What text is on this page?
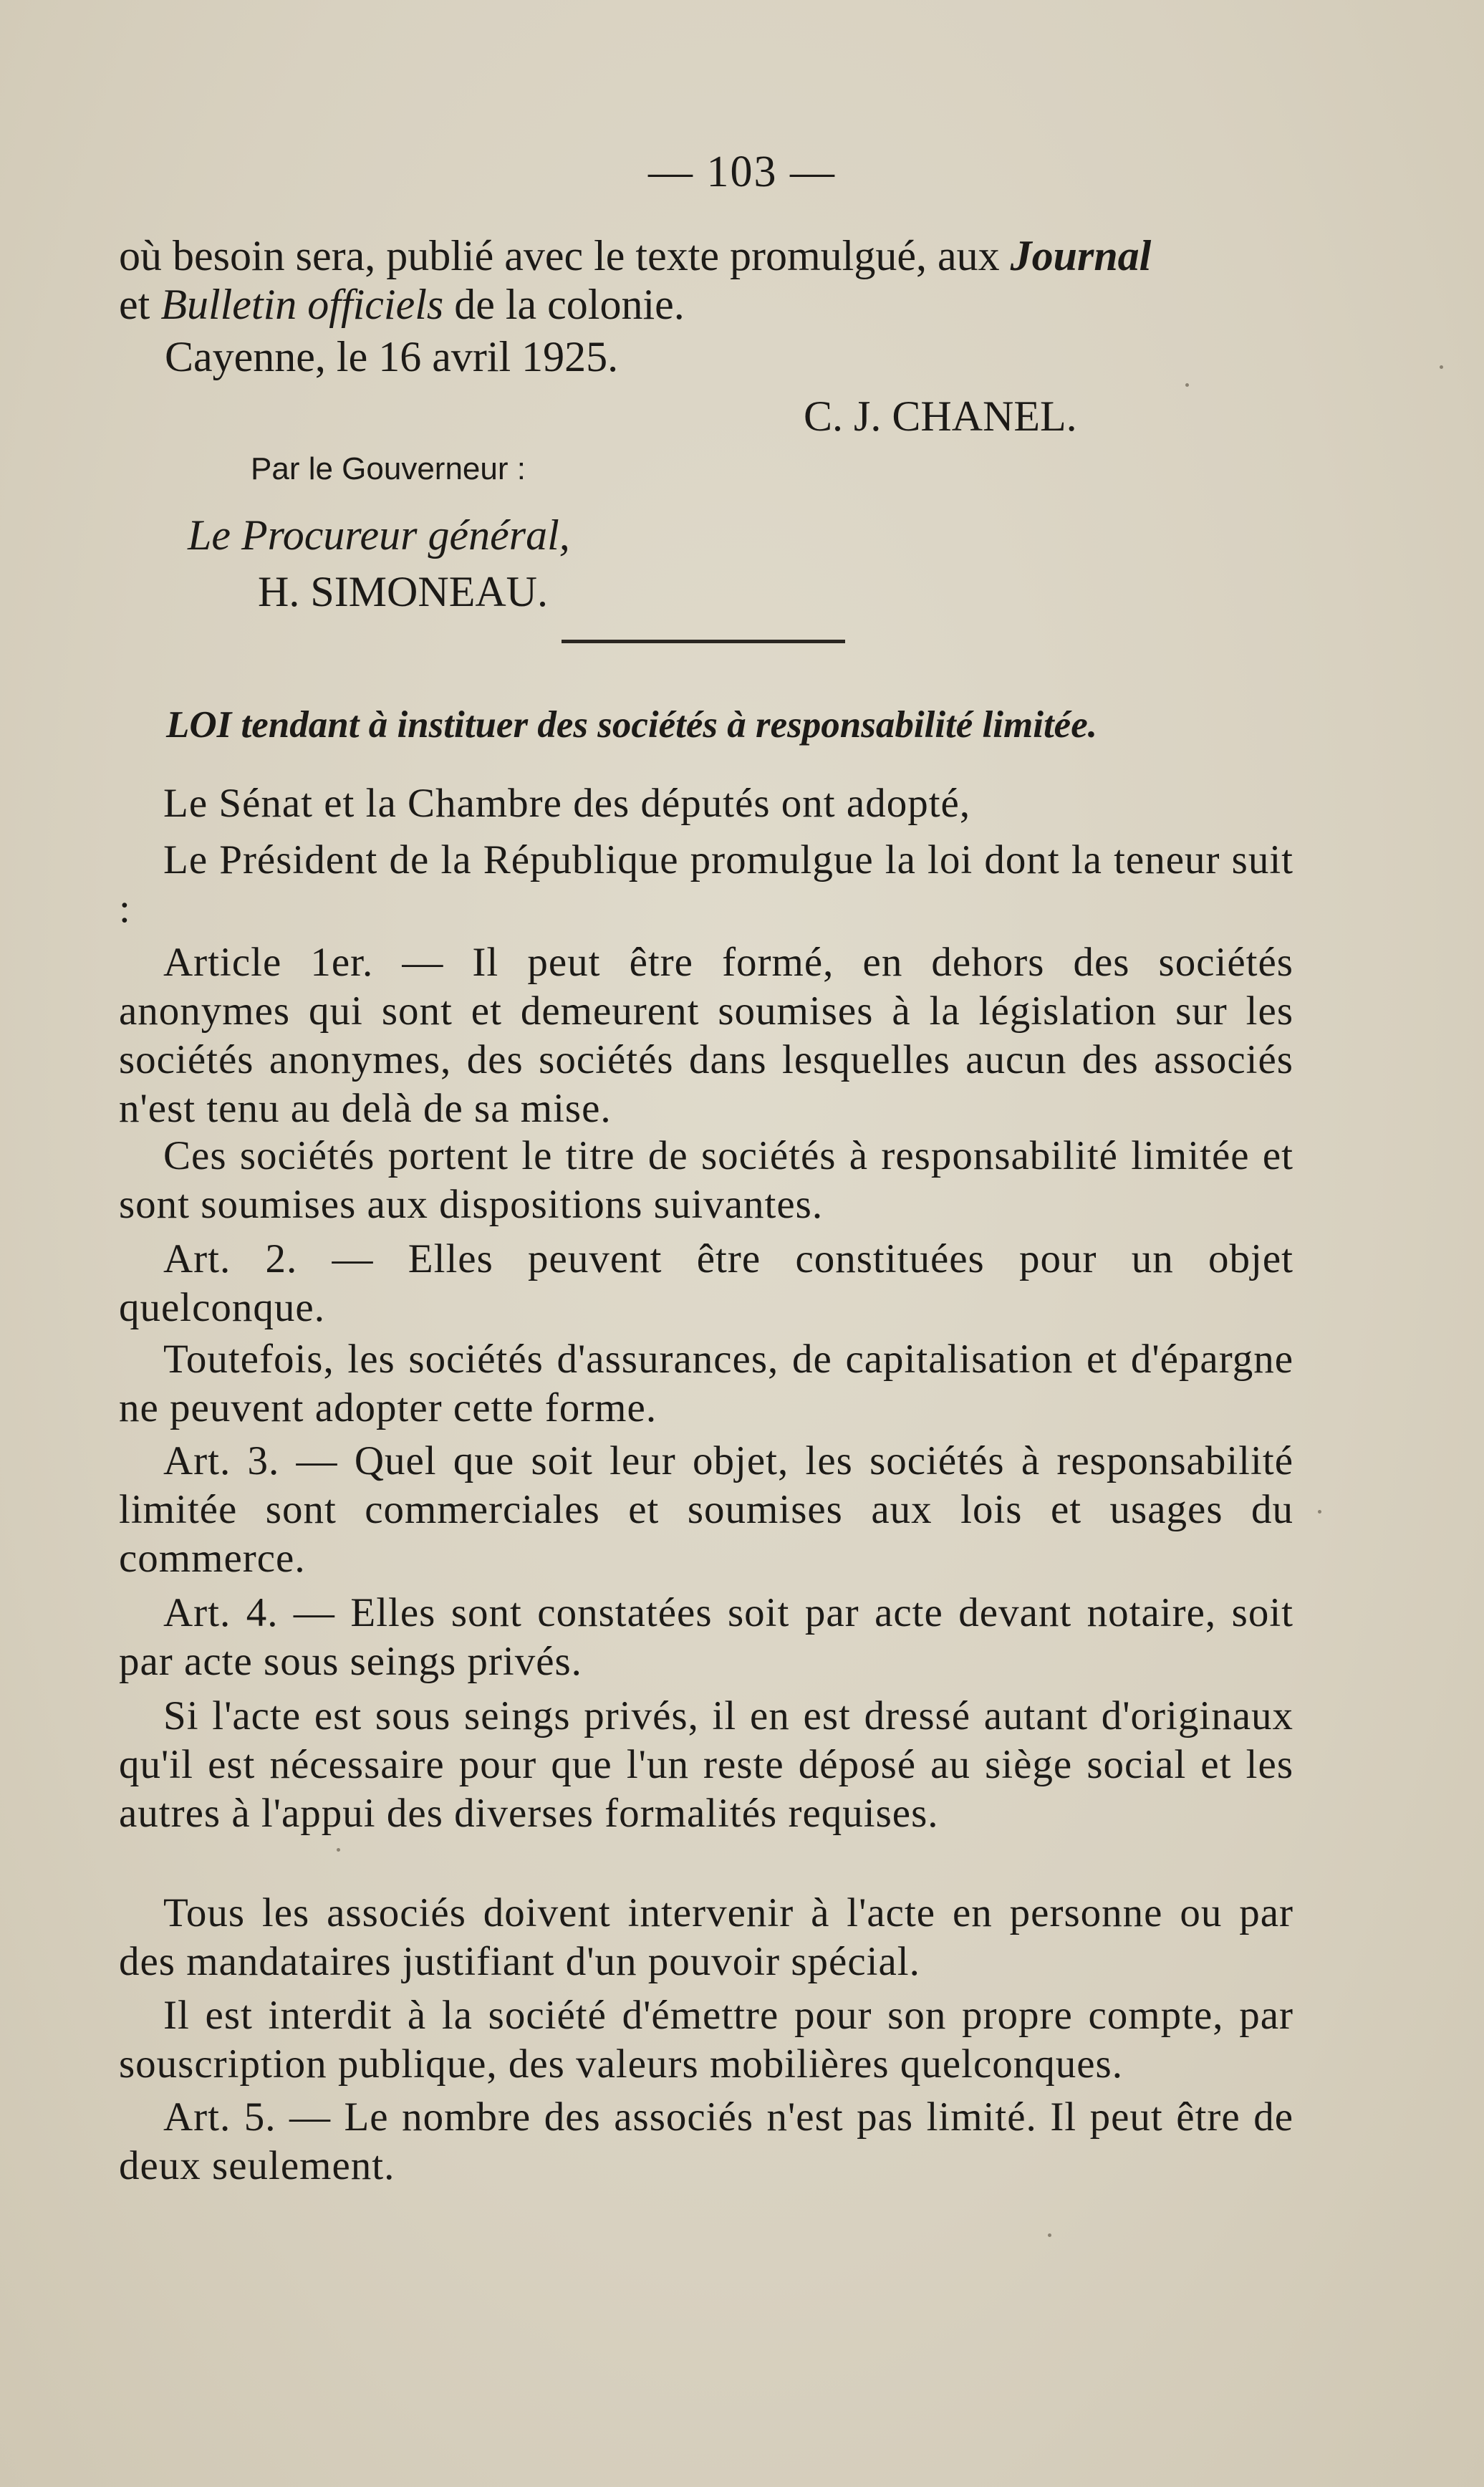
— 103 —
où besoin sera, publié avec le texte promulgué, aux Journal
et Bulletin officiels de la colonie.
Cayenne, le 16 avril 1925.
C. J. CHANEL.
Par le Gouverneur :
Le Procureur général,
H. SIMONEAU.
LOI tendant à instituer des sociétés à responsabilité limitée.
Le Sénat et la Chambre des députés ont adopté,
Le Président de la République promulgue la loi dont la teneur suit :
Article 1er. — Il peut être formé, en dehors des sociétés anonymes qui sont et demeurent soumises à la législation sur les sociétés anonymes, des sociétés dans lesquelles aucun des associés n'est tenu au delà de sa mise.
Ces sociétés portent le titre de sociétés à responsabilité limitée et sont soumises aux dispositions suivantes.
Art. 2. — Elles peuvent être constituées pour un objet quelconque.
Toutefois, les sociétés d'assurances, de capitalisation et d'épargne ne peuvent adopter cette forme.
Art. 3. — Quel que soit leur objet, les sociétés à responsabilité limitée sont commerciales et soumises aux lois et usages du commerce.
Art. 4. — Elles sont constatées soit par acte devant notaire, soit par acte sous seings privés.
Si l'acte est sous seings privés, il en est dressé autant d'originaux qu'il est nécessaire pour que l'un reste déposé au siège social et les autres à l'appui des diverses formalités requises.
Tous les associés doivent intervenir à l'acte en personne ou par des mandataires justifiant d'un pouvoir spécial.
Il est interdit à la société d'émettre pour son propre compte, par souscription publique, des valeurs mobilières quelconques.
Art. 5. — Le nombre des associés n'est pas limité. Il peut être de deux seulement.
